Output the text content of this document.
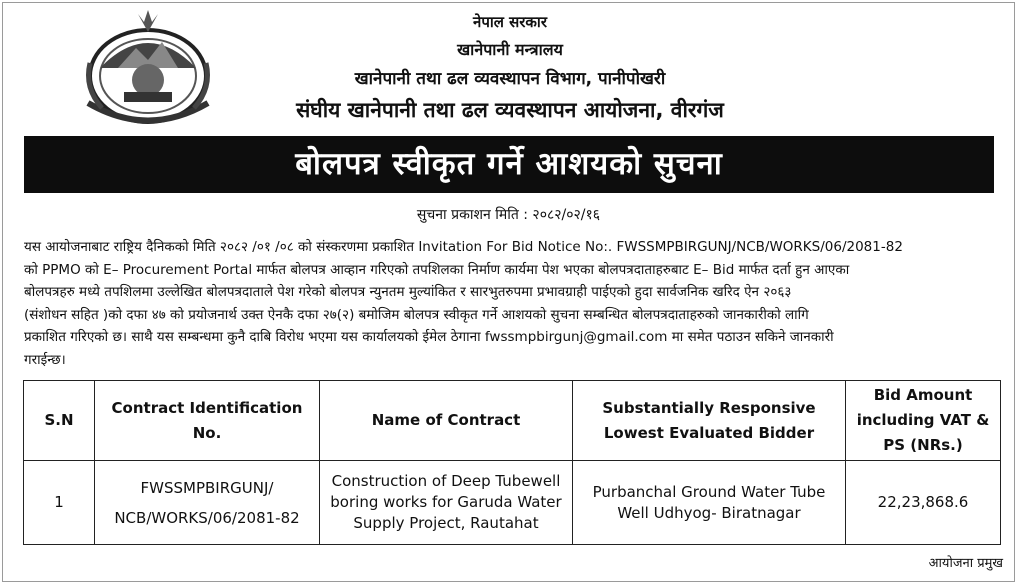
नेपाल सरकार
खानेपानी मन्त्रालय
खानेपानी तथा ढल व्यवस्थापन विभाग, पानीपोखरी
संघीय खानेपानी तथा ढल व्यवस्थापन आयोजना, वीरगंज
बोलपत्र स्वीकृत गर्ने आशयको सुचना
सुचना प्रकाशन मिति : २०८२/०२/१६
यस आयोजनाबाट राष्ट्रिय दैनिकको मिति २०८२ /०१ /०८ को संस्करणमा प्रकाशित Invitation For Bid Notice No:. FWSSMPBIRGUNJ/NCB/WORKS/06/2081-82
को PPMO को E– Procurement Portal मार्फत बोलपत्र आव्हान गरिएको तपशिलका निर्माण कार्यमा पेश भएका बोलपत्रदाताहरुबाट E– Bid मार्फत दर्ता हुन आएका
बोलपत्रहरु मध्ये तपशिलमा उल्लेखित बोलपत्रदाताले पेश गरेको बोलपत्र न्युनतम मुल्यांकित र सारभुतरुपमा प्रभावग्राही पाईएको हुदा सार्वजनिक खरिद ऐन २०६३
(संशोधन सहित )को दफा ४७ को प्रयोजनार्थ उक्त ऐनकै दफा २७(२) बमोजिम बोलपत्र स्वीकृत गर्ने आशयको सुचना सम्बन्धित बोलपत्रदाताहरुको जानकारीको लागि
प्रकाशित गरिएको छ। साथै यस सम्बन्धमा कुनै दाबि विरोध भएमा यस कार्यालयको ईमेल ठेगाना fwssmpbirgunj@gmail.com मा समेत पठाउन सकिने जानकारी
गराईन्छ।
S.N	Contract Identification No.	Name of Contract	Substantially Responsive Lowest Evaluated Bidder	Bid Amount including VAT & PS (NRs.)
1	FWSSMPBIRGUNJ/ NCB/WORKS/06/2081-82	Construction of Deep Tubewell boring works for Garuda Water Supply Project, Rautahat	Purbanchal Ground Water Tube Well Udhyog- Biratnagar	22,23,868.6
आयोजना प्रमुख
